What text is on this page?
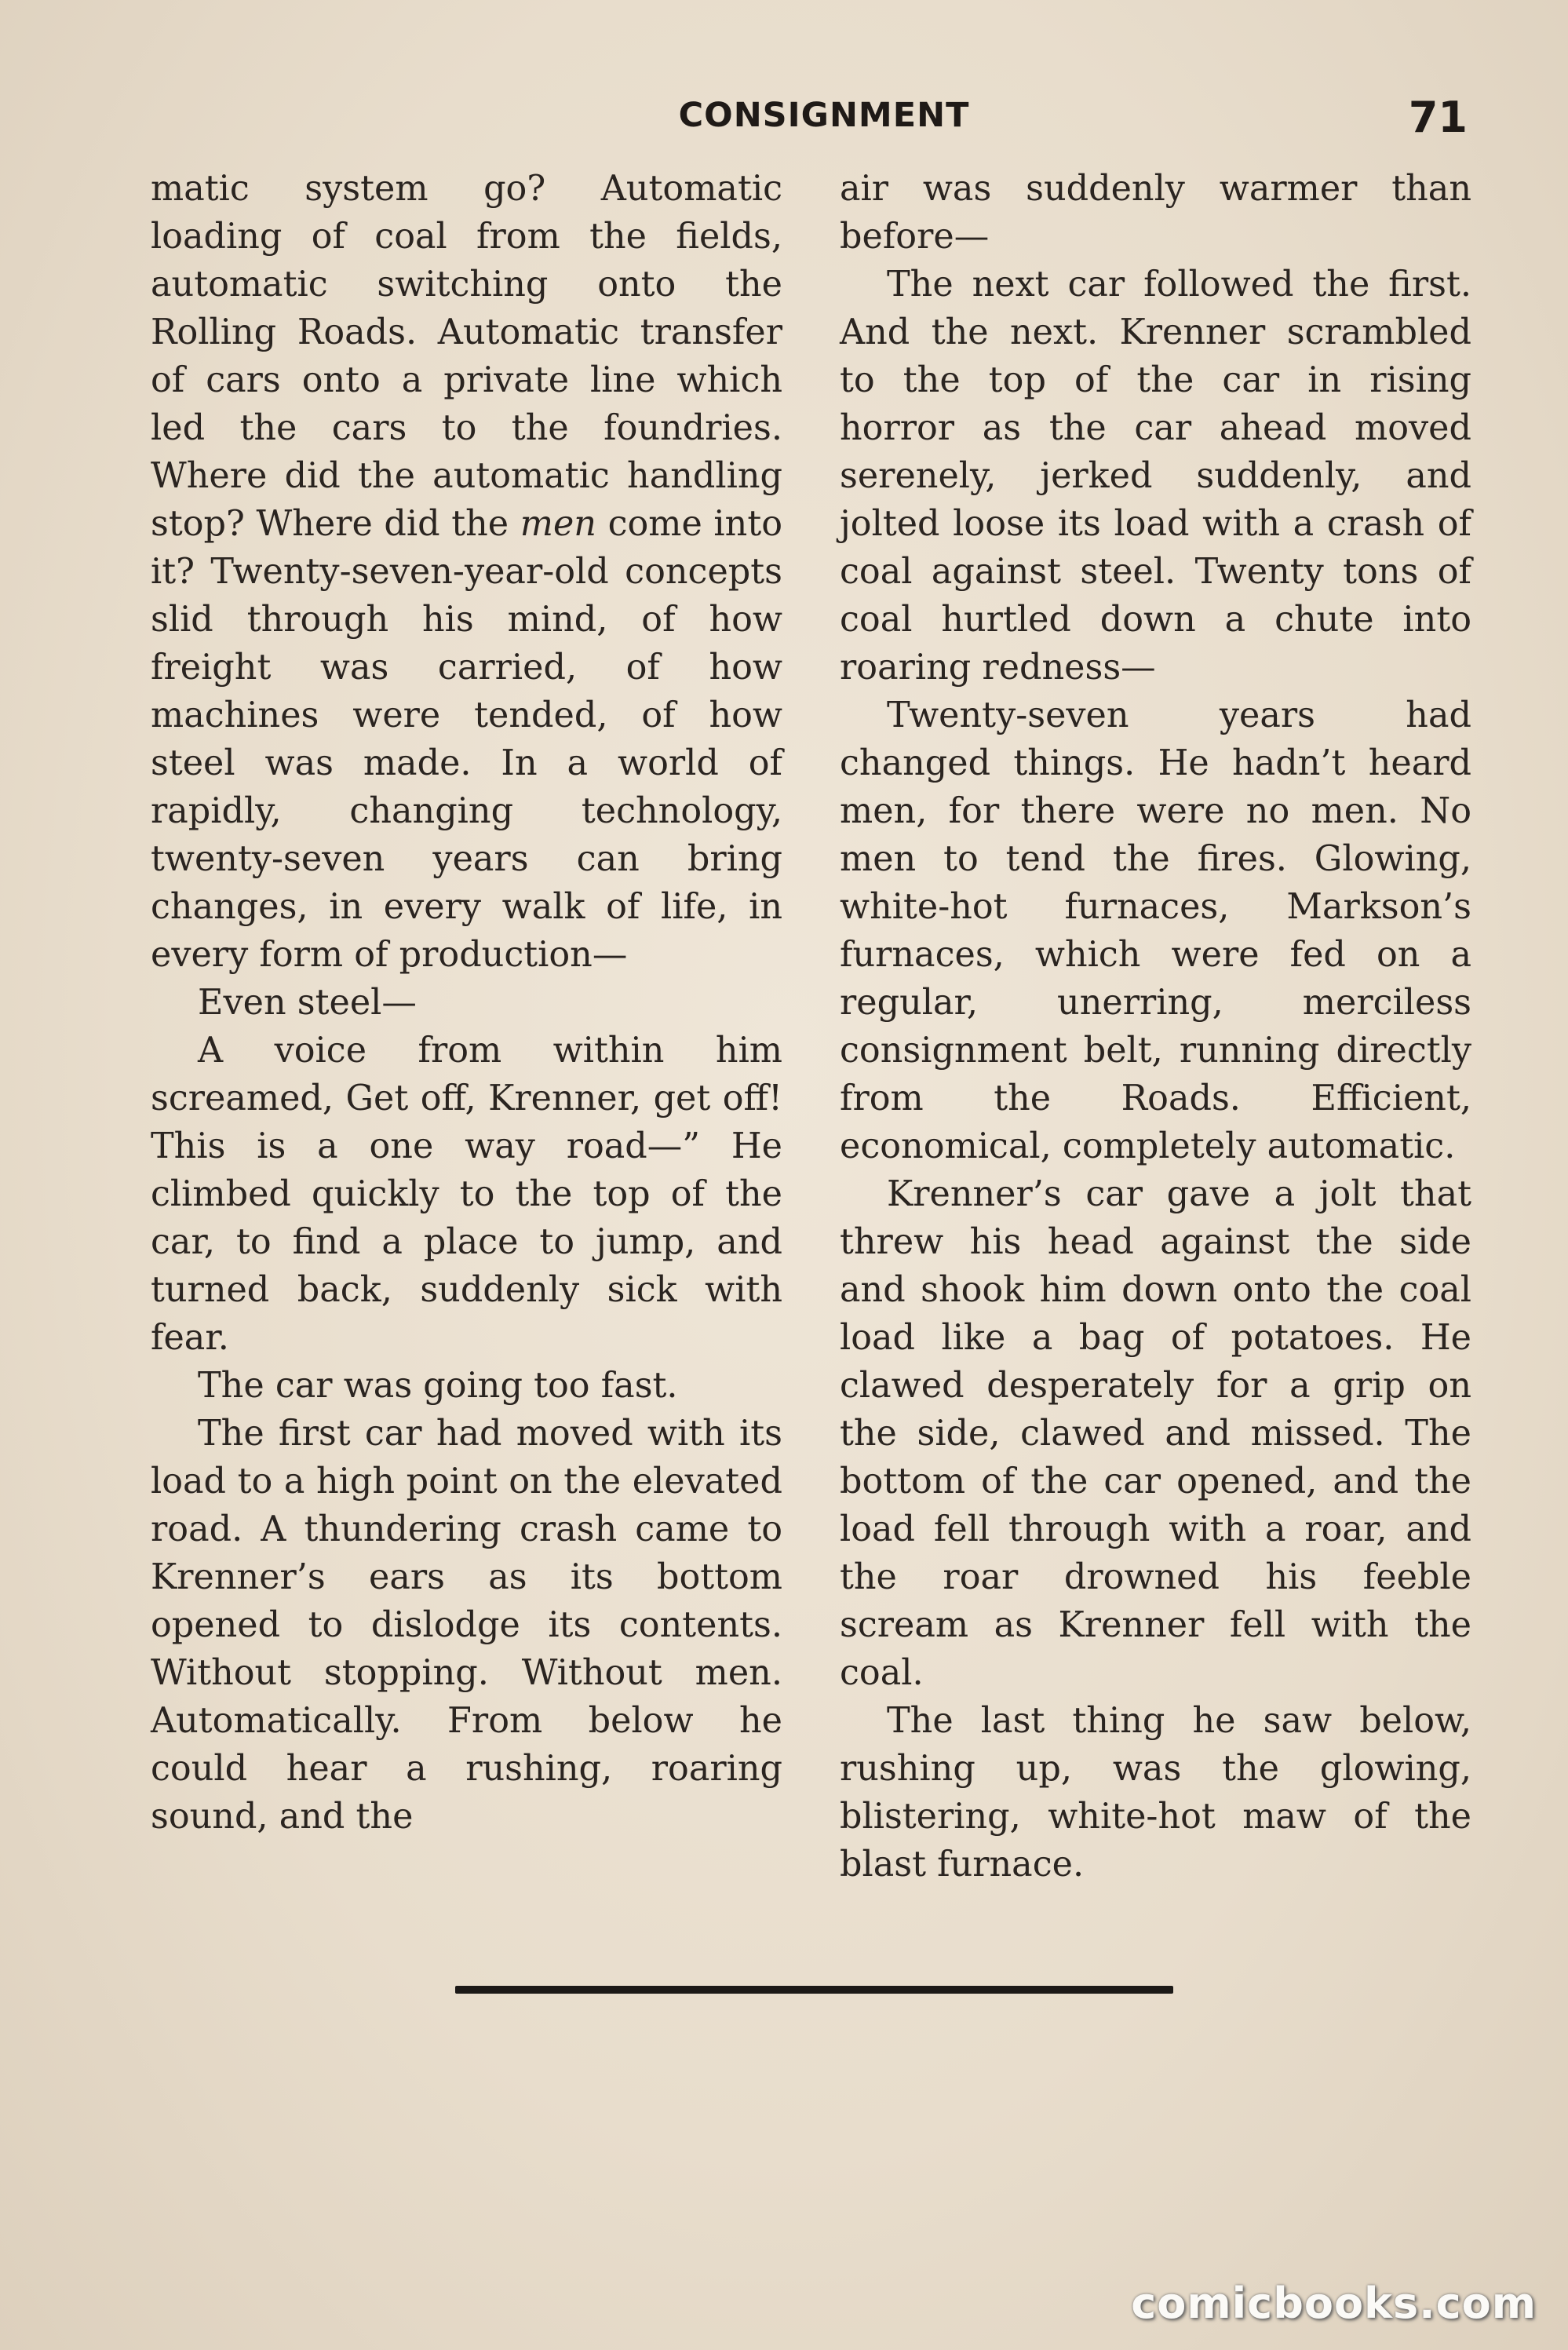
CONSIGNMENT	71

matic system go? Automatic loading of coal from the fields, automatic switching onto the Rolling Roads. Automatic transfer of cars onto a private line which led the cars to the foundries. Where did the automatic handling stop? Where did the men come into it? Twenty-seven-year-old concepts slid through his mind, of how freight was carried, of how machines were tended, of how steel was made. In a world of rapidly, changing technology, twenty-seven years can bring changes, in every walk of life, in every form of production—

Even steel—

A voice from within him screamed, Get off, Krenner, get off! This is a one way road—” He climbed quickly to the top of the car, to find a place to jump, and turned back, suddenly sick with fear.

The car was going too fast.

The first car had moved with its load to a high point on the elevated road. A thundering crash came to Krenner’s ears as its bottom opened to dislodge its contents. Without stopping. Without men. Automatically. From below he could hear a rushing, roaring sound, and the

air was suddenly warmer than before—

The next car followed the first. And the next. Krenner scrambled to the top of the car in rising horror as the car ahead moved serenely, jerked suddenly, and jolted loose its load with a crash of coal against steel. Twenty tons of coal hurtled down a chute into roaring redness—

Twenty-seven years had changed things. He hadn’t heard men, for there were no men. No men to tend the fires. Glowing, white-hot furnaces, Markson’s furnaces, which were fed on a regular, unerring, merciless consignment belt, running directly from the Roads. Efficient, economical, completely automatic.

Krenner’s car gave a jolt that threw his head against the side and shook him down onto the coal load like a bag of potatoes. He clawed desperately for a grip on the side, clawed and missed. The bottom of the car opened, and the load fell through with a roar, and the roar drowned his feeble scream as Krenner fell with the coal.

The last thing he saw below, rushing up, was the glowing, blistering, white-hot maw of the blast furnace.

comicbooks.com
